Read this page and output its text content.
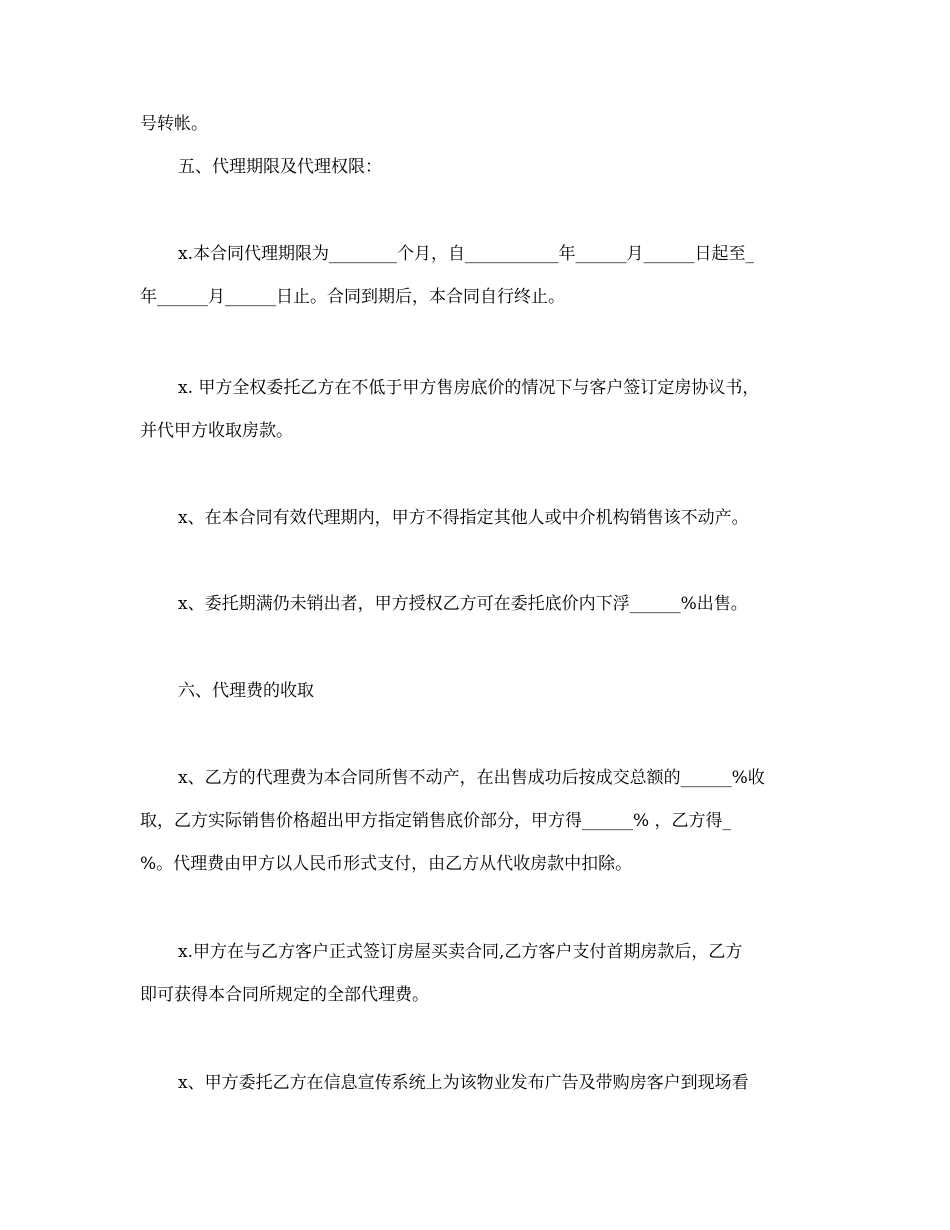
号转帐。
五、代理期限及代理权限：
x.本合同代理期限为________个月，自___________年______月______日起至_
年______月______日止。合同到期后，本合同自行终止。
x. 甲方全权委托乙方在不低于甲方售房底价的情况下与客户签订定房协议书，
并代甲方收取房款。
x、在本合同有效代理期内，甲方不得指定其他人或中介机构销售该不动产。
x、委托期满仍未销出者，甲方授权乙方可在委托底价内下浮______%出售。
六、代理费的收取
x、乙方的代理费为本合同所售不动产，在出售成功后按成交总额的______%收
取，乙方实际销售价格超出甲方指定销售底价部分，甲方得______% ，乙方得_
%。代理费由甲方以人民币形式支付，由乙方从代收房款中扣除。
x.甲方在与乙方客户正式签订房屋买卖合同,乙方客户支付首期房款后，乙方
即可获得本合同所规定的全部代理费。
x、甲方委托乙方在信息宣传系统上为该物业发布广告及带购房客户到现场看
